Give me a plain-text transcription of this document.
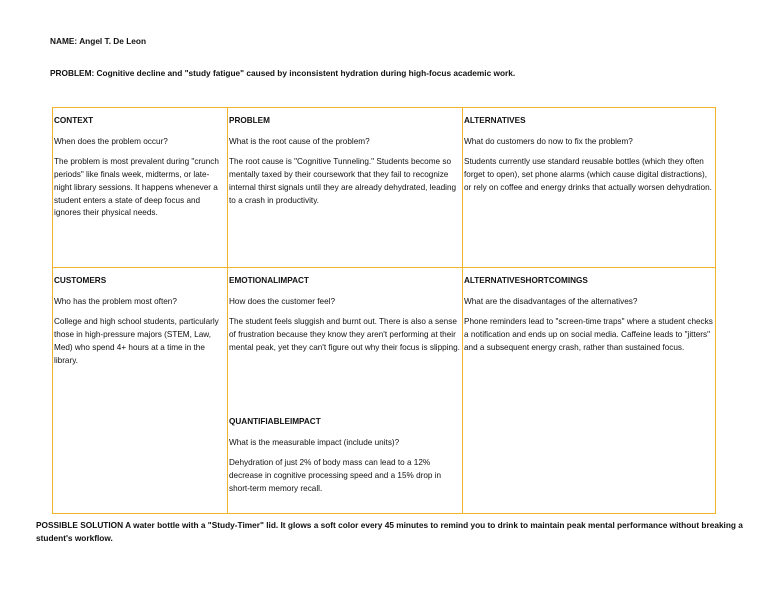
NAME: Angel T. De Leon
PROBLEM: Cognitive decline and "study fatigue" caused by inconsistent hydration during high-focus academic work.
CONTEXT
When does the problem occur?
The problem is most prevalent during "crunch periods" like finals week, midterms, or late-night library sessions. It happens whenever a student enters a state of deep focus and ignores their physical needs.
PROBLEM
What is the root cause of the problem?
The root cause is "Cognitive Tunneling." Students become so mentally taxed by their coursework that they fail to recognize internal thirst signals until they are already dehydrated, leading to a crash in productivity.
ALTERNATIVES
What do customers do now to fix the problem?
Students currently use standard reusable bottles (which they often forget to open), set phone alarms (which cause digital distractions), or rely on coffee and energy drinks that actually worsen dehydration.
CUSTOMERS
Who has the problem most often?
College and high school students, particularly those in high-pressure majors (STEM, Law, Med) who spend 4+ hours at a time in the library.
EMOTIONALIMPACT
How does the customer feel?
The student feels sluggish and burnt out. There is also a sense of frustration because they know they aren't performing at their mental peak, yet they can't figure out why their focus is slipping.
QUANTIFIABLEIMPACT
What is the measurable impact (include units)?
Dehydration of just 2% of body mass can lead to a 12% decrease in cognitive processing speed and a 15% drop in short-term memory recall.
ALTERNATIVESHORTCOMINGS
What are the disadvantages of the alternatives?
Phone reminders lead to "screen-time traps" where a student checks a notification and ends up on social media. Caffeine leads to "jitters" and a subsequent energy crash, rather than sustained focus.
POSSIBLE SOLUTION A water bottle with a "Study-Timer" lid. It glows a soft color every 45 minutes to remind you to drink to maintain peak mental performance without breaking a student's workflow.
